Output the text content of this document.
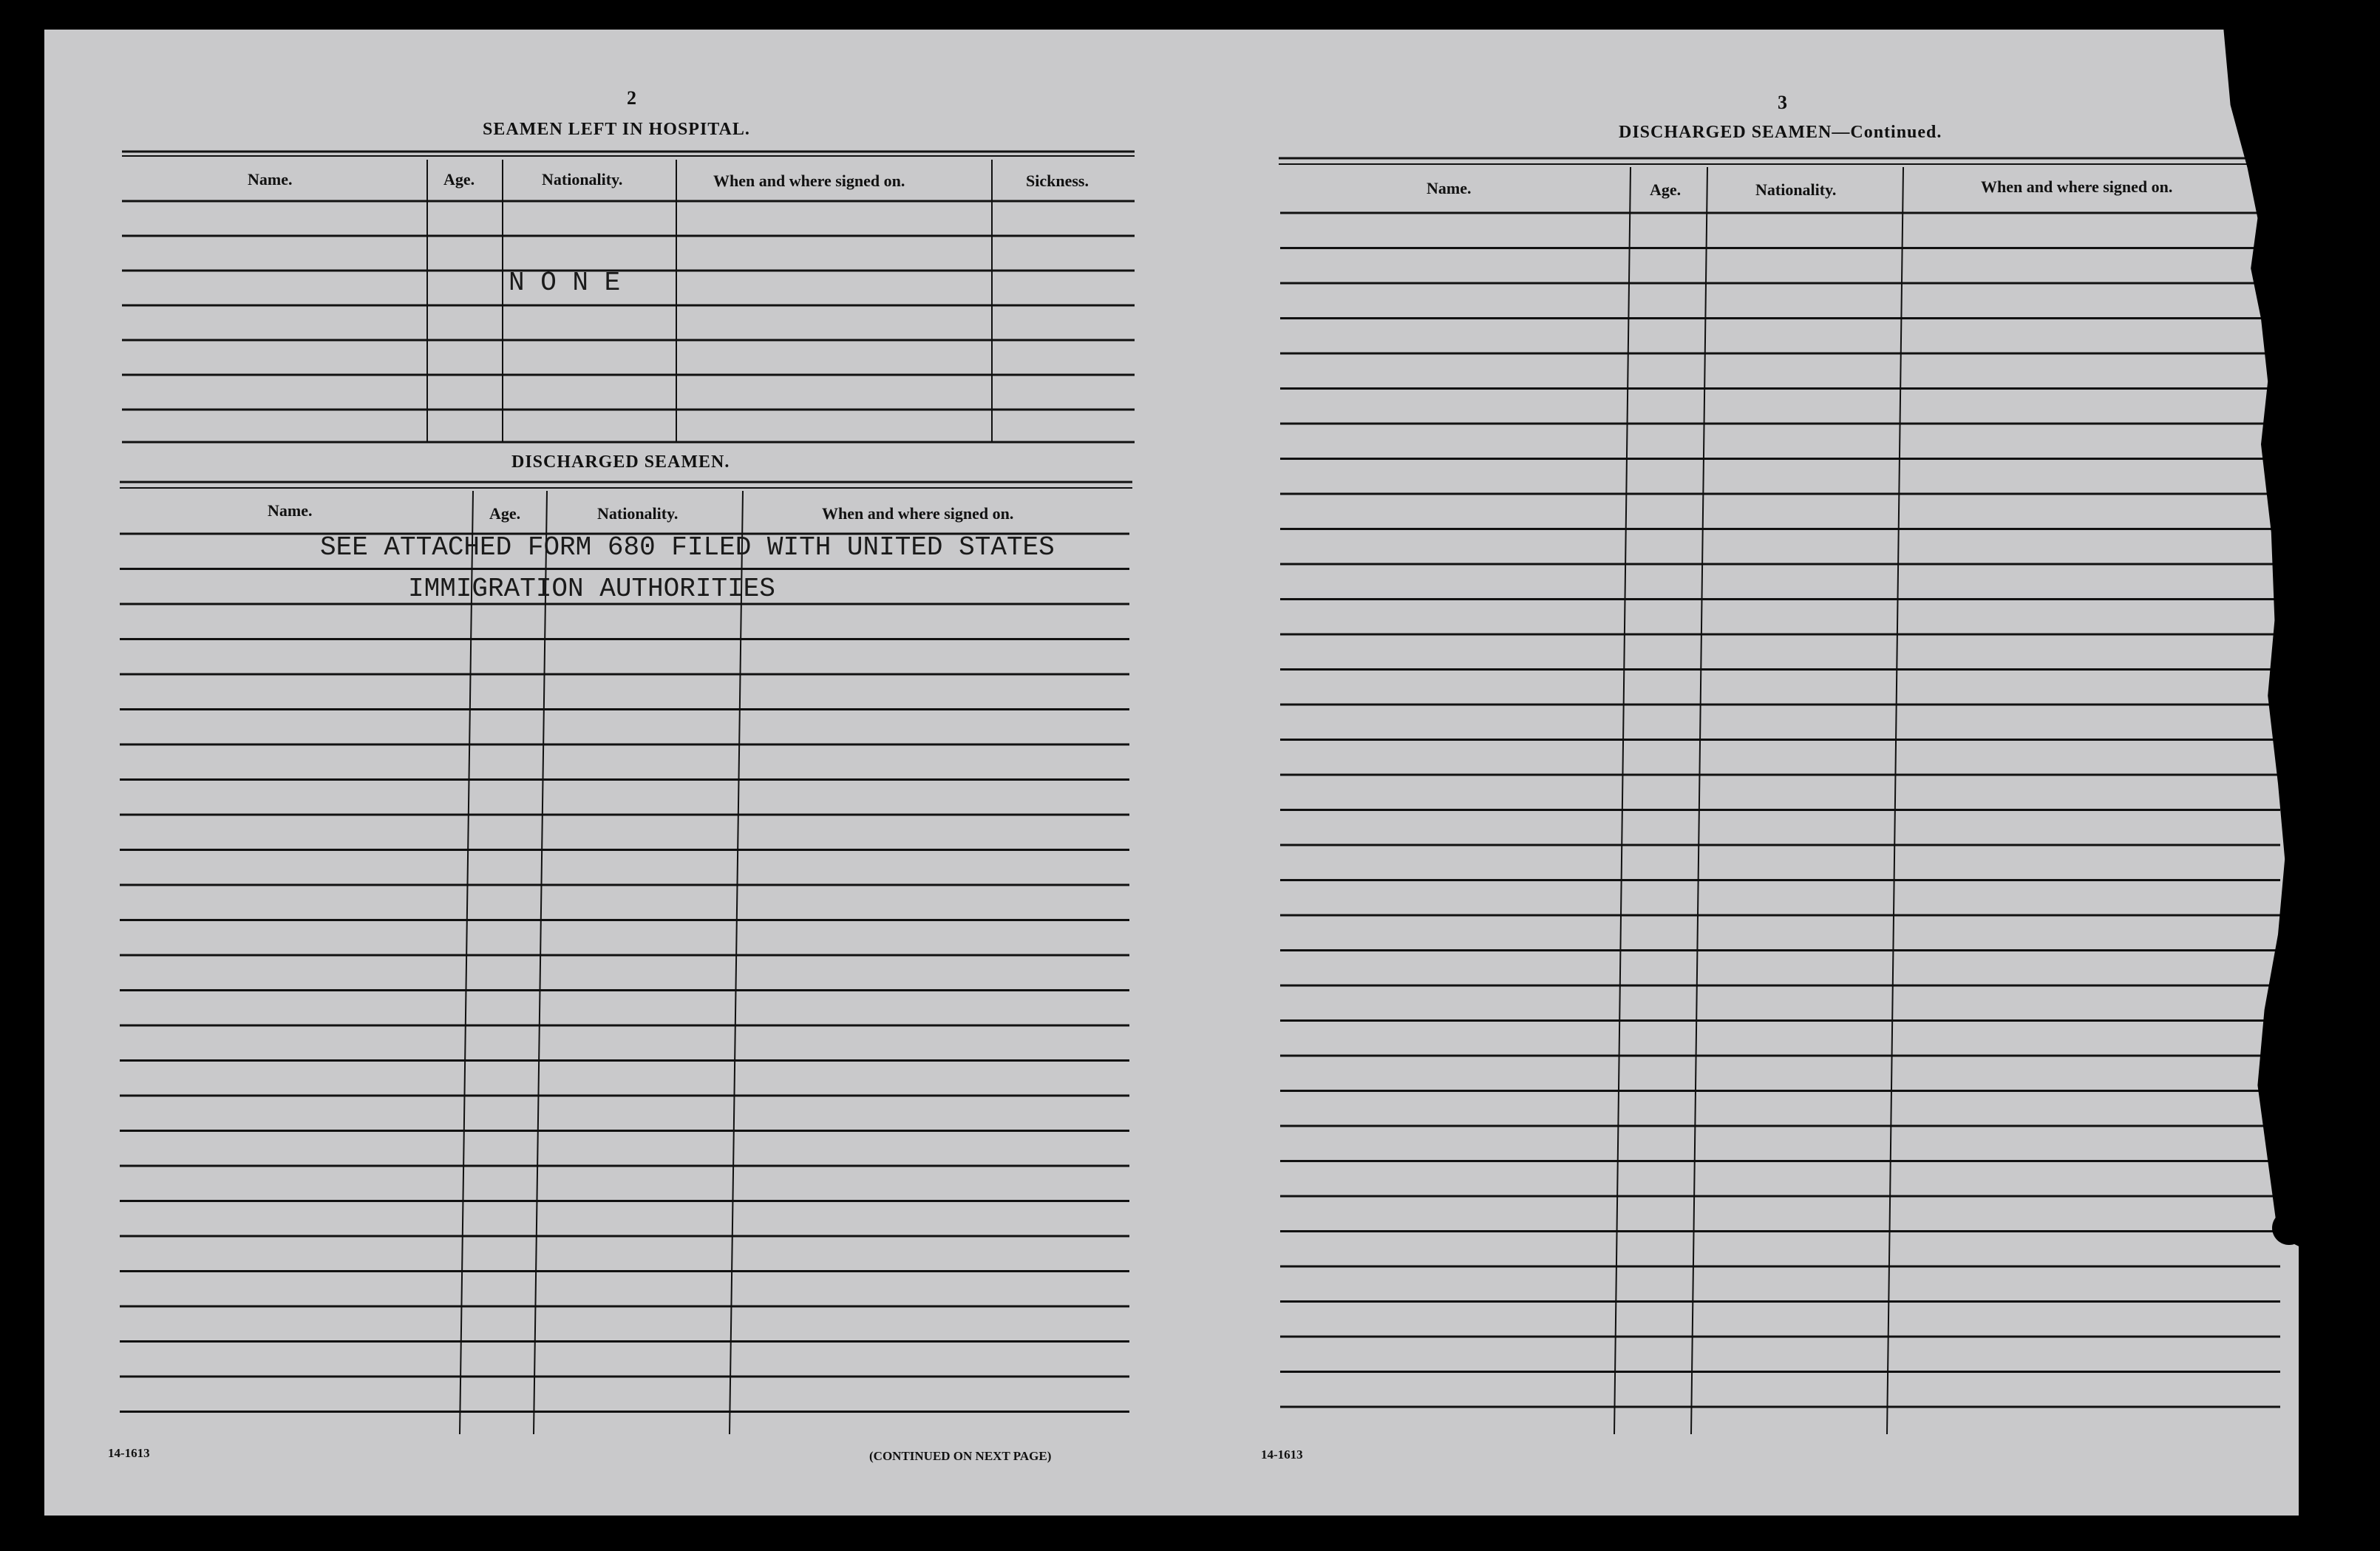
2
SEAMEN LEFT IN HOSPITAL.
Name.	Age.	Nationality.	When and where signed on.	Sickness.
N O N E
DISCHARGED SEAMEN.
Name.	Age.	Nationality.	When and where signed on.
SEE ATTACHED FORM 680 FILED WITH UNITED STATES
IMMIGRATION AUTHORITIES
14-1613	(CONTINUED ON NEXT PAGE)
3
DISCHARGED SEAMEN—Continued.
Name.	Age.	Nationality.	When and where signed on.
14-1613
